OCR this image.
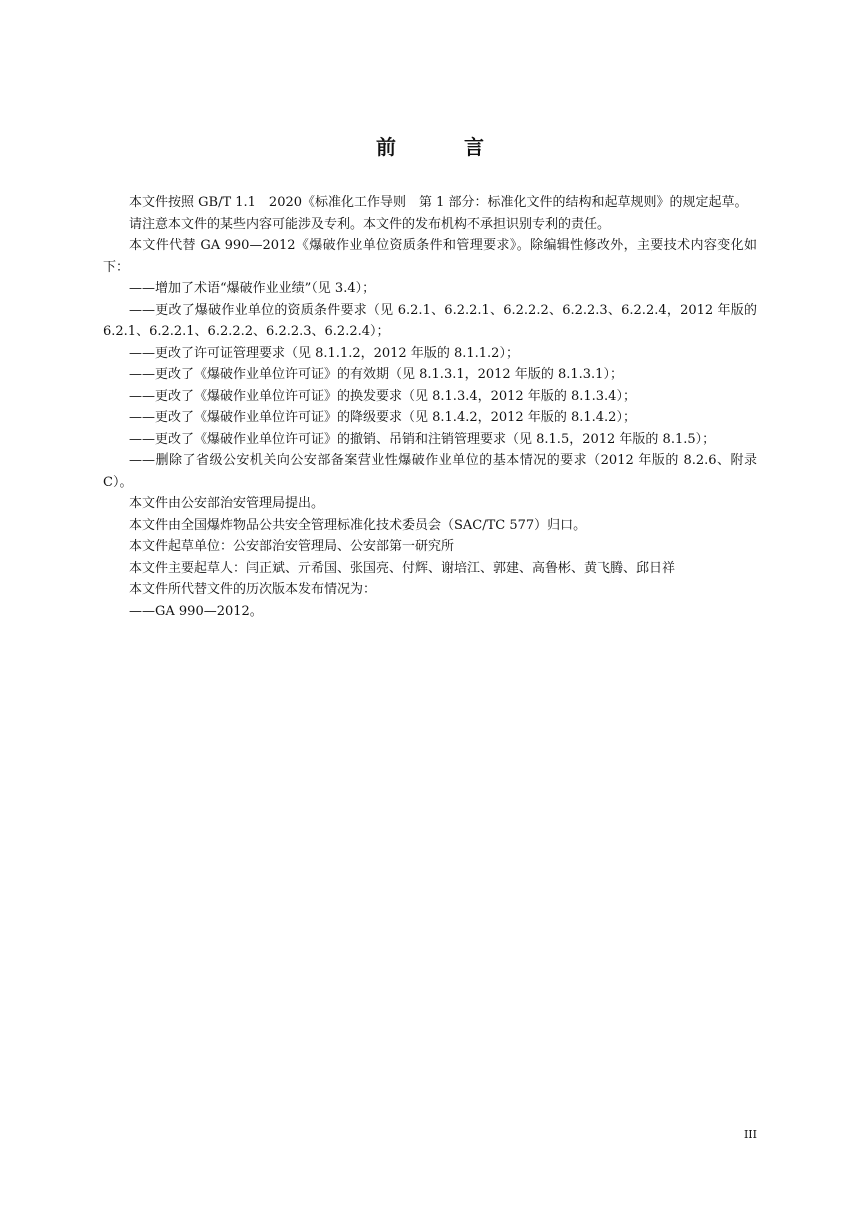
前　言

本文件按照 GB/T 1.1　2020《标准化工作导则　第 1 部分：标准化文件的结构和起草规则》的规定起草。

请注意本文件的某些内容可能涉及专利。本文件的发布机构不承担识别专利的责任。

本文件代替 GA 990—2012《爆破作业单位资质条件和管理要求》。除编辑性修改外，主要技术内容变化如下：

——增加了术语“爆破作业业绩”（见 3.4）；

——更改了爆破作业单位的资质条件要求（见 6.2.1、6.2.2.1、6.2.2.2、6.2.2.3、6.2.2.4，2012 年版的 6.2.1、6.2.2.1、6.2.2.2、6.2.2.3、6.2.2.4）；

——更改了许可证管理要求（见 8.1.1.2，2012 年版的 8.1.1.2）；

——更改了《爆破作业单位许可证》的有效期（见 8.1.3.1，2012 年版的 8.1.3.1）；

——更改了《爆破作业单位许可证》的换发要求（见 8.1.3.4，2012 年版的 8.1.3.4）；

——更改了《爆破作业单位许可证》的降级要求（见 8.1.4.2，2012 年版的 8.1.4.2）；

——更改了《爆破作业单位许可证》的撤销、吊销和注销管理要求（见 8.1.5，2012 年版的 8.1.5）；

——删除了省级公安机关向公安部备案营业性爆破作业单位的基本情况的要求（2012 年版的 8.2.6、附录 C）。

本文件由公安部治安管理局提出。

本文件由全国爆炸物品公共安全管理标准化技术委员会（SAC/TC 577）归口。

本文件起草单位：公安部治安管理局、公安部第一研究所

本文件主要起草人：闫正斌、亓希国、张国亮、付辉、谢培江、郭建、高鲁彬、黄飞腾、邱日祥

本文件所代替文件的历次版本发布情况为：

——GA 990—2012。

III
